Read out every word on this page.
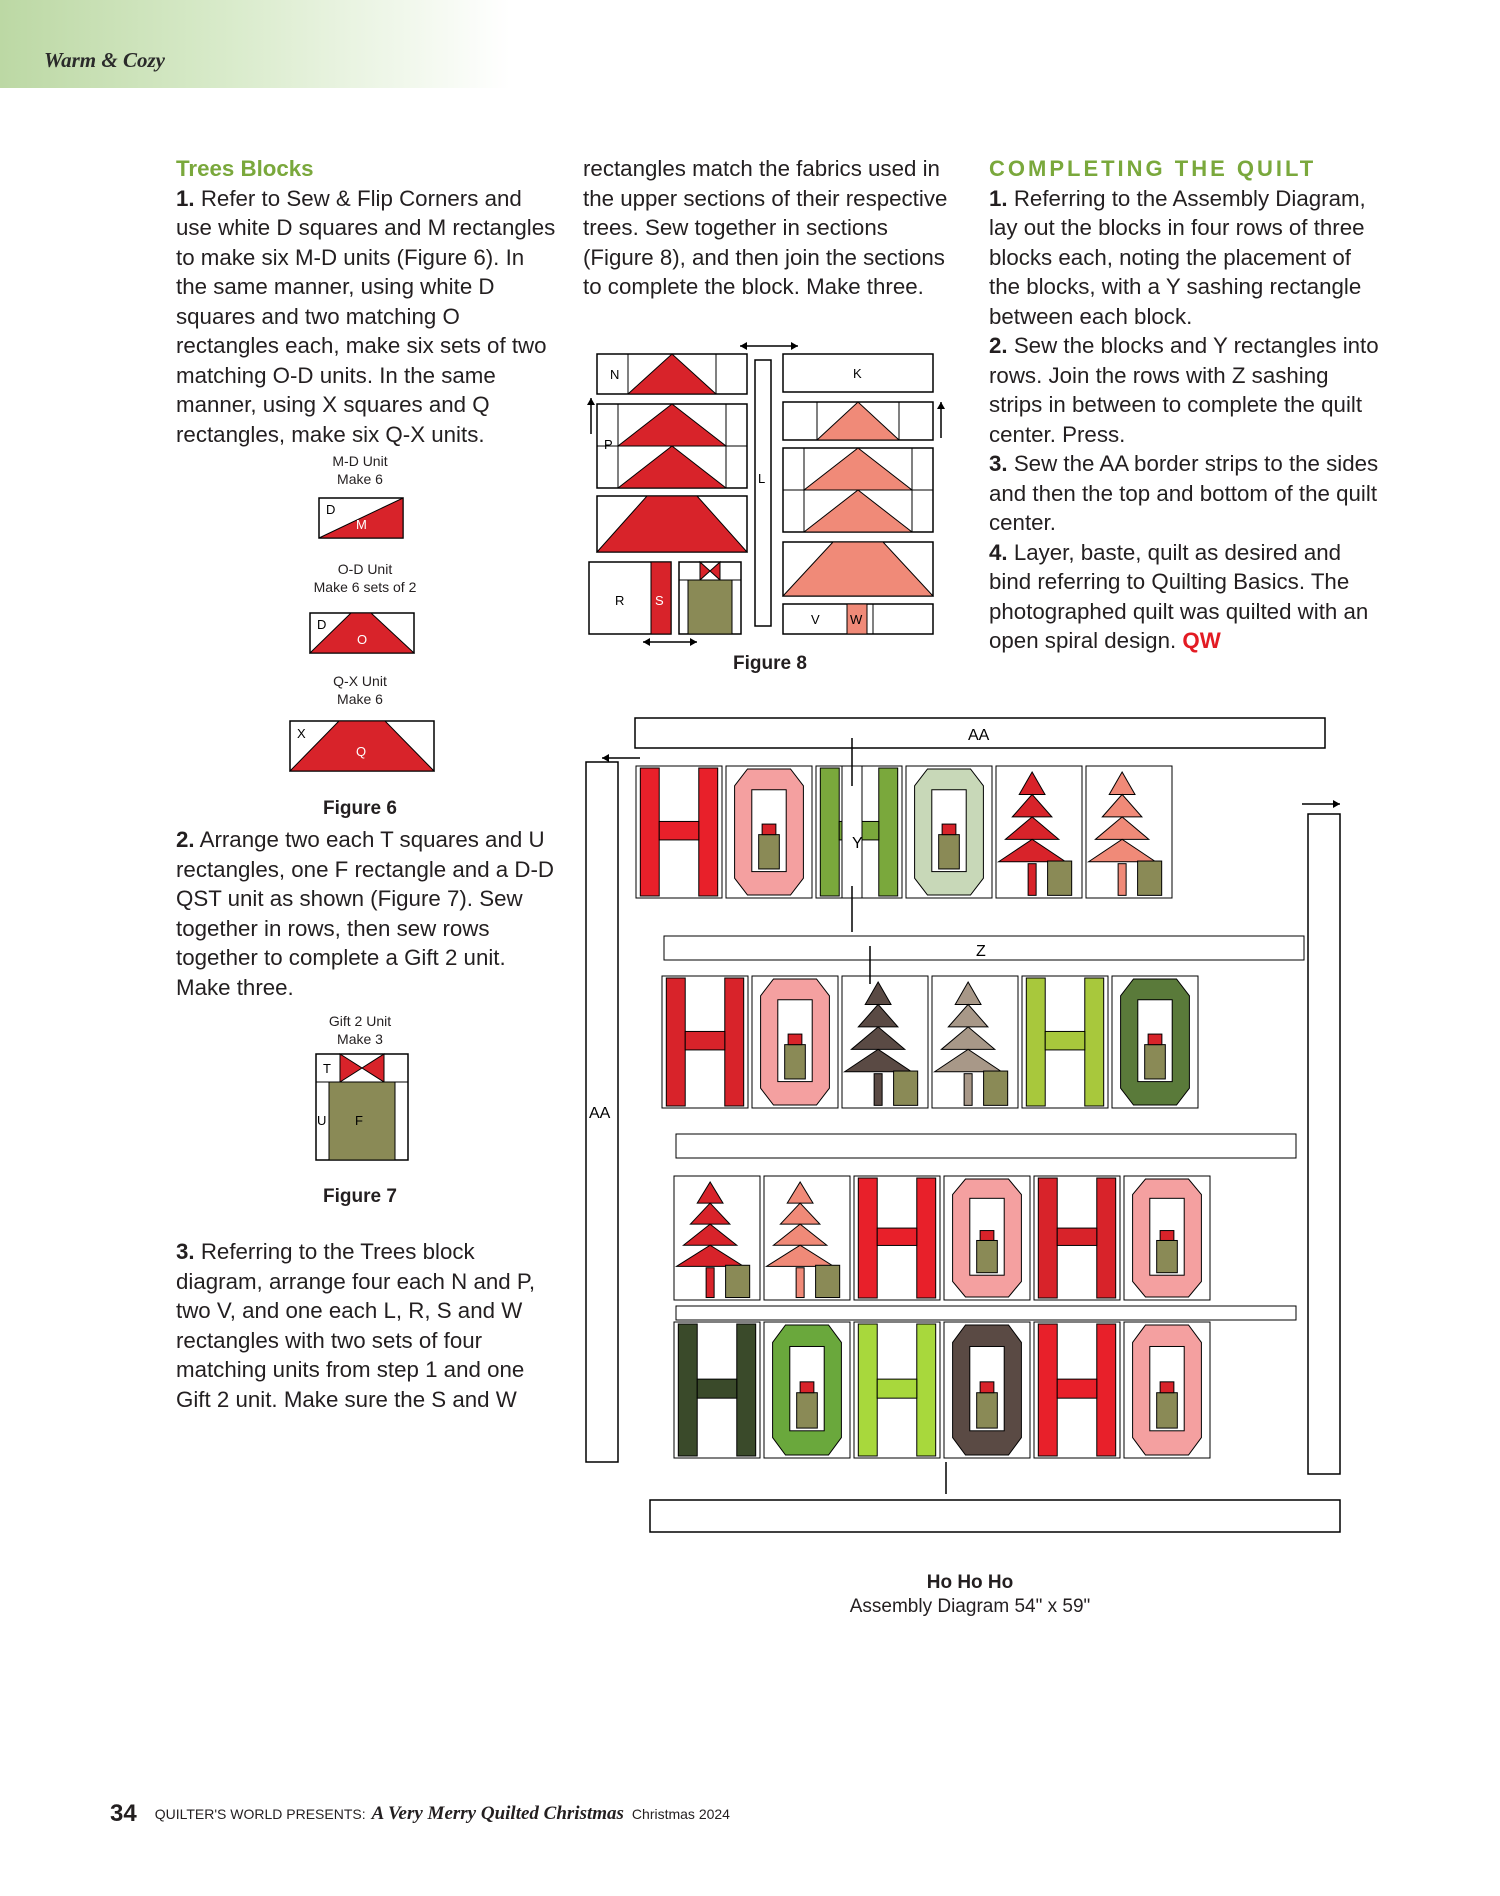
Warm & Cozy

Trees Blocks

1. Refer to Sew & Flip Corners and use white D squares and M rectangles to make six M-D units (Figure 6). In the same manner, using white D squares and two matching O rectangles each, make six sets of two matching O-D units. In the same manner, using X squares and Q rectangles, make six Q-X units.

2. Arrange two each T squares and U rectangles, one F rectangle and a D-D QST unit as shown (Figure 7). Sew together in rows, then sew rows together to complete a Gift 2 unit. Make three.

3. Referring to the Trees block diagram, arrange four each N and P, two V, and one each L, R, S and W rectangles with two sets of four matching units from step 1 and one Gift 2 unit. Make sure the S and W

rectangles match the fabrics used in the upper sections of their respective trees. Sew together in sections (Figure 8), and then join the sections to complete the block. Make three.

COMPLETING THE QUILT

1. Referring to the Assembly Diagram, lay out the blocks in four rows of three blocks each, noting the placement of the blocks, with a Y sashing rectangle between each block.

2. Sew the blocks and Y rectangles into rows. Join the rows with Z sashing strips in between to complete the quilt center. Press.

3. Sew the AA border strips to the sides and then the top and bottom of the quilt center.

4. Layer, baste, quilt as desired and bind referring to Quilting Basics. The photographed quilt was quilted with an open spiral design. QW

M-D Unit
Make 6
D
M
O-D Unit
Make 6 sets of 2
D
O
Q-X Unit
Make 6
X
Q
Figure 6
Gift 2 Unit
Make 3
T
U F
Figure 7
N
P
R S
L
K
V W
Figure 8
AA
AA
Y
Z
Ho Ho Ho
Assembly Diagram 54" x 59"
34 QUILTER'S WORLD PRESENTS: A Very Merry Quilted Christmas Christmas 2024
